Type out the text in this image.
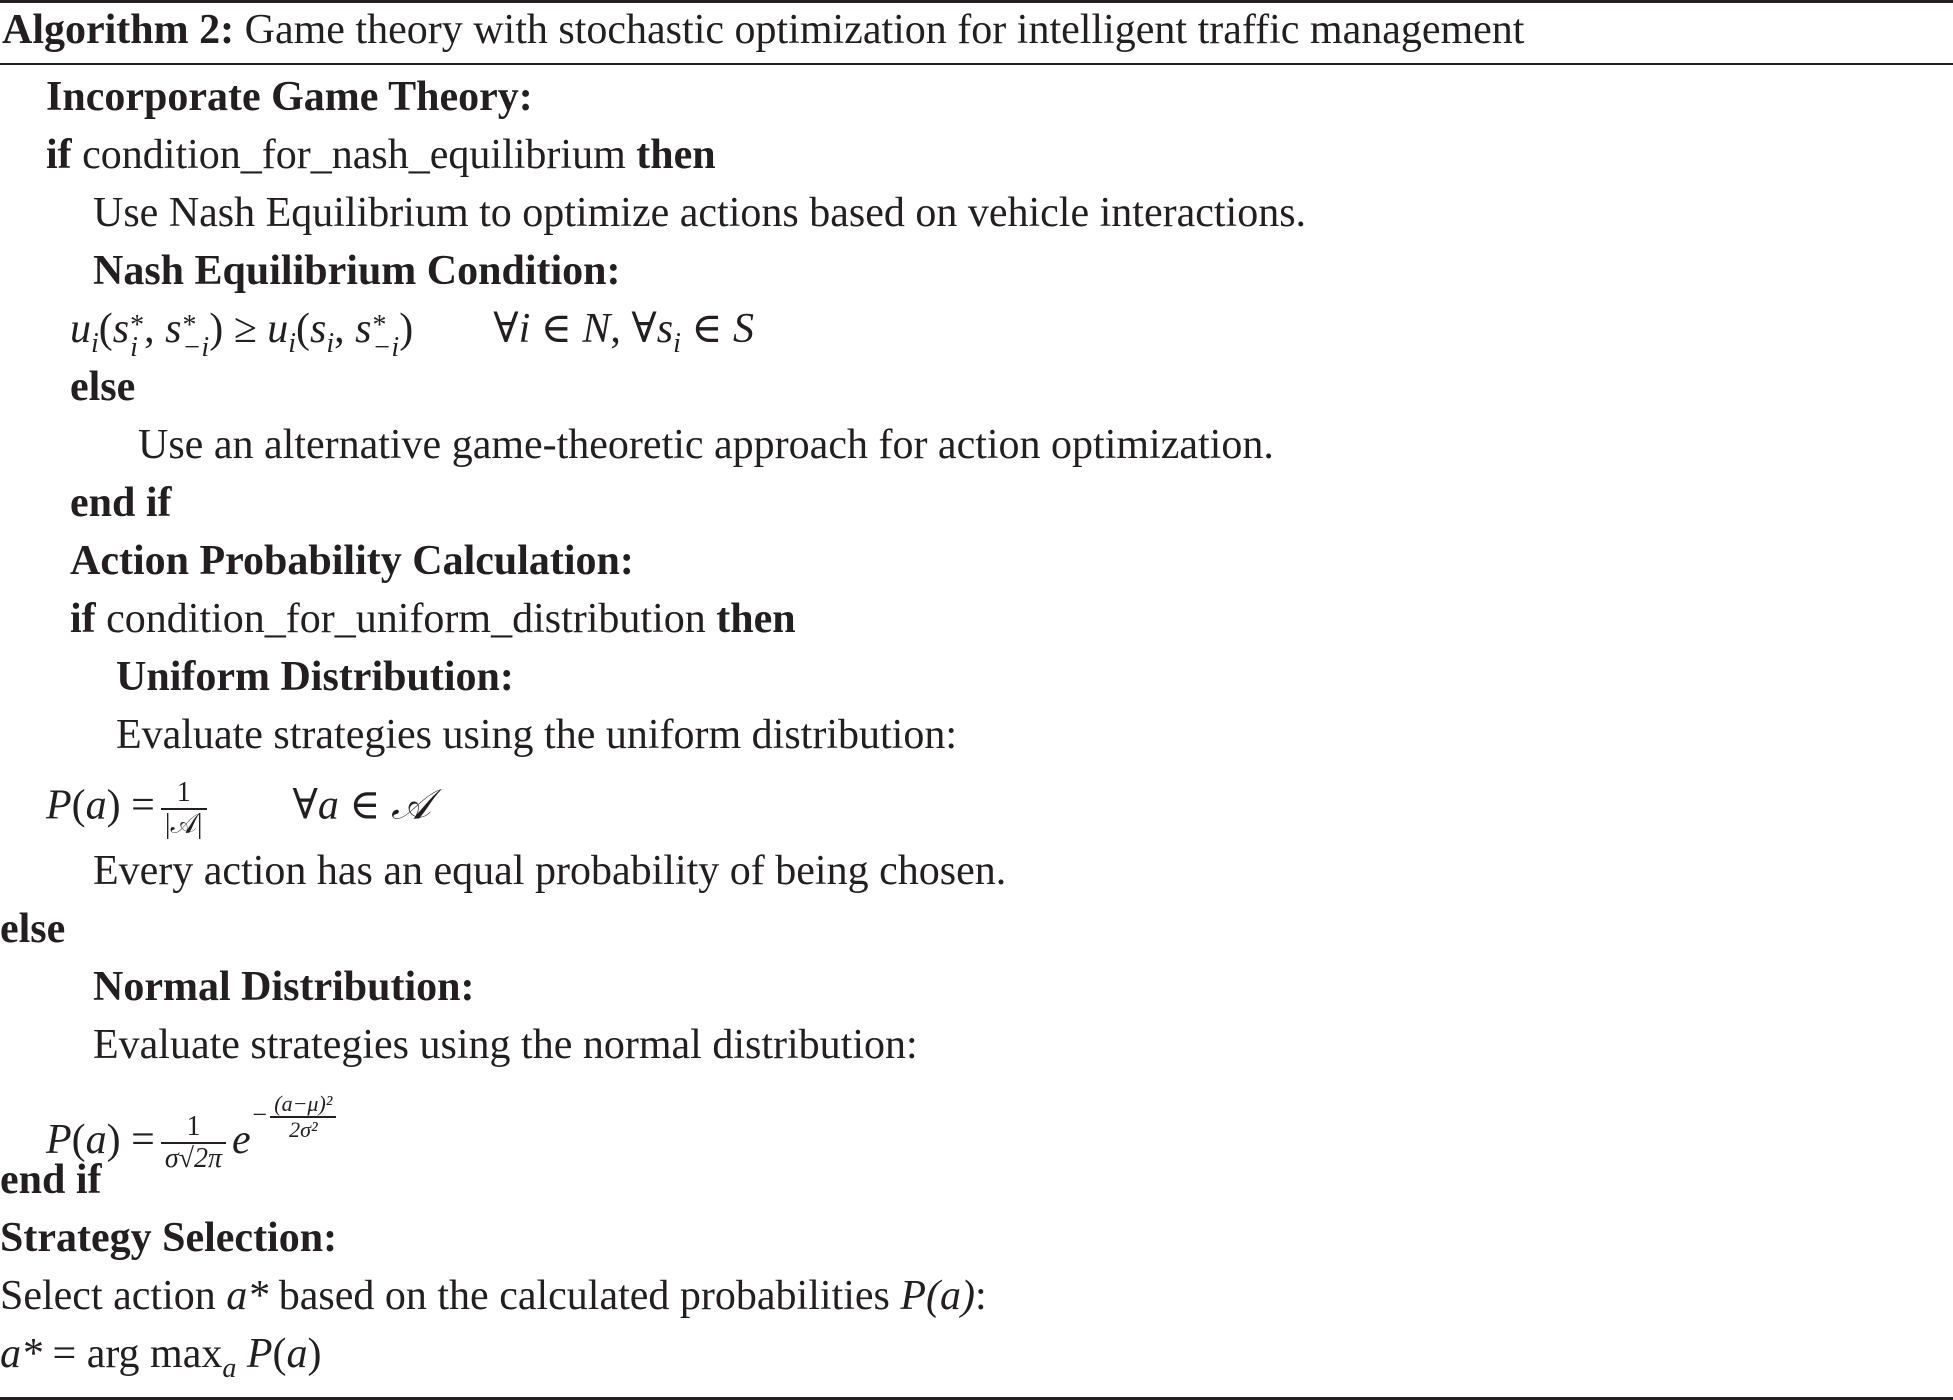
Algorithm 2: Game theory with stochastic optimization for intelligent traffic management
Incorporate Game Theory:
if condition_for_nash_equilibrium then
Use Nash Equilibrium to optimize actions based on vehicle interactions.
Nash Equilibrium Condition:
$u_i(s$ *
i , s *
−i ) ≥ $u_i(s_i$, s *
−i ) ∀i ∈ N, $\forall s_i$ ∈ S
else
Use an alternative game-theoretic approach for action optimization.
end if
Action Probability Calculation:
if condition_for_uniform_distribution then
Uniform Distribution:
Evaluate strategies using the uniform distribution:
$P(a) = \frac{1}{\text{|𝒜|}}$ ∀a ∈ 𝒜
Every action has an equal probability of being chosen.
else
Normal Distribution:
Evaluate strategies using the normal distribution:
$P(a) = \frac{1}{\sigma√2\pi} e- \frac{\text{(a−μ)²}}{\text{2σ²}}$
end if
Strategy Selection:
Select action a* based on the calculated probabilities P(a):
a* = arg $\max_a P(a)$
